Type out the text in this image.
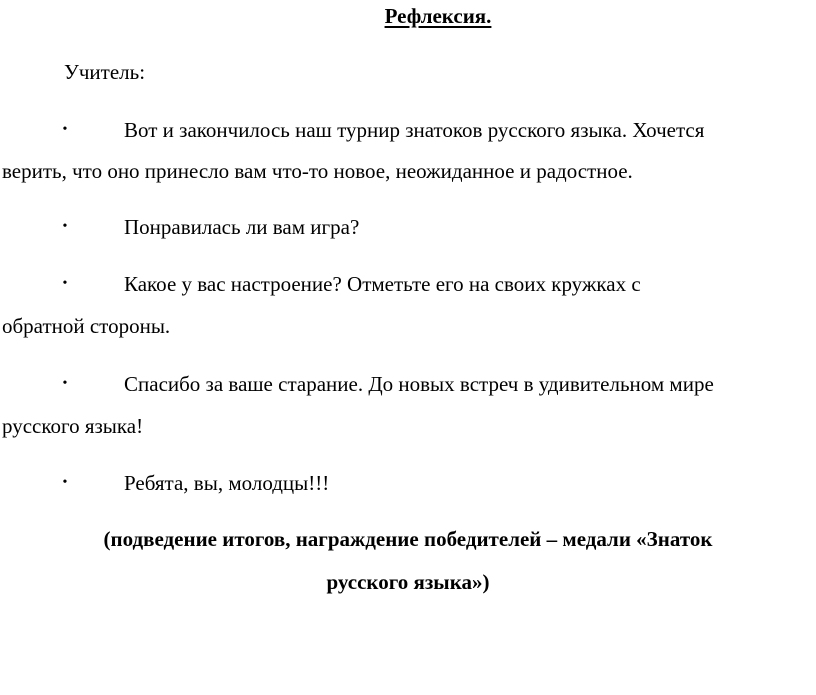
Рефлексия.
Учитель:
•	Вот и закончилось наш турнир знатоков русского языка. Хочется
верить, что оно принесло вам что-то новое, неожиданное и радостное.
•	Понравилась ли вам игра?
•	Какое у вас настроение? Отметьте его на своих кружках с
обратной стороны.
•	Спасибо за ваше старание. До новых встреч в удивительном мире
русского языка!
•	Ребята, вы, молодцы!!!
(подведение итогов, награждение победителей – медали «Знаток
русского языка»)
